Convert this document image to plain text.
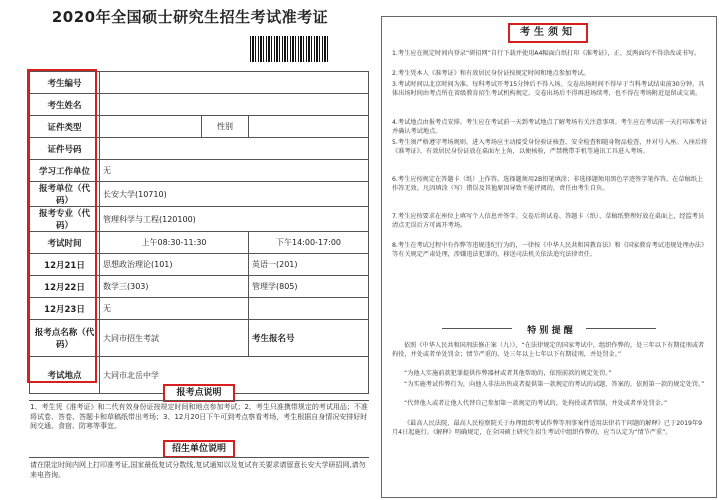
2020年全国硕士研究生招生考试准考证
考生编号			
考生姓名			
证件类型		性别	
证件号码			
学习工作单位	无		
报考单位（代码）	长安大学(10710)		
报考专业（代码）	管理科学与工程(120100)		
考试时间	上午08:30-11:30		下午14:00-17:00
12月21日	思想政治理论(101)		英语一(201)
12月22日	数学三(303)		管理学(805)
12月23日	无		
报考点名称（代码）	大同市招生考試		考生报名号
考试地点	大同市北岳中学		
报考点说明
1、考生凭《准考证》和二代有效身份证按规定时间和地点参加考试；2、考生只准携带规定的考试用品；不准将试卷、答卷、答题卡和草稿纸带出考场；3、12月20日下午可到考点察看考场，考生根据自身情况安排好时间交通、食宿、防寒等事宜。
招生单位说明
请在限定时间内网上打印准考证,国家最低复试分数线,复试通知以及复试有关要求请留意长安大学研招网,请勿来电咨询。
考生须知
1.考生应在规定时间内登录“研招网”自行下载并使用A4幅面白纸打印《准考证》，正、反两面均不得涂改或书写。
2.考生凭本人《准考证》和有效居民身份证按规定时间和地点参加考试。
3.考试时间以北京时间为准。每科考试开考15分钟后不得入场。交卷出场时间不得早于当科考试结束前30分钟，具体出场时间由考点所在省级教育招生考试机构规定。交卷出场后不得再进场续考，也不得在考场附近逗留或交谈。
4.考试地点由报考点安排。考生应在考试前一天到考试地点了解考场有关注意事项。考生应在考试前一天打印准考证并确认考试地点。
5.考生须严格遵守考场规则，进入考场应主动接受身份验证核查、安全检查和随身物品检查，并对号入座。入座后将《准考证》、有效居民身份证放在桌面左上角，以便核验，严禁携带手机等通讯工具进入考场。
6.考生应按规定在答题卡（纸）上作答。选择题须用2B铅笔填涂；非选择题须用黑色字迹签字笔作答，在草稿纸上作答无效。凡因填涂（写）错误及其他原因导致不能评阅的，责任由考生自负。
7.考生应按要求在座位上填写个人信息并签字。交卷后将试卷、答题卡（纸）、草稿纸整理好放在桌面上，经监考员清点无误后方可离开考场。
8.考生在考试过程中有作弊等违规违纪行为的，一律按《中华人民共和国教育法》和《国家教育考试违规处理办法》等有关规定严肃处理，涉嫌违法犯罪的，移送司法机关依法追究法律责任。
特 别 提 醒
依照《中华人民共和国刑法修正案（九）》，“在法律规定的国家考试中，组织作弊的，处三年以下有期徒刑或者拘役，并处或者单处罚金；情节严重的，处三年以上七年以下有期徒刑，并处罚金。”
“为他人实施前款犯罪提供作弊器材或者其他帮助的，依照前款的规定处罚。”
“为实施考试作弊行为，向他人非法出售或者提供第一款规定的考试的试题、答案的，依照第一款的规定处罚。”
“代替他人或者让他人代替自己参加第一款规定的考试的，处拘役或者管制，并处或者单处罚金。”
《最高人民法院、最高人民检察院关于办理组织考试作弊等刑事案件适用法律若干问题的解释》已于2019年9月4日起施行。《解释》明确规定，在全国硕士研究生招生考试中组织作弊的，应当认定为“情节严重”。
